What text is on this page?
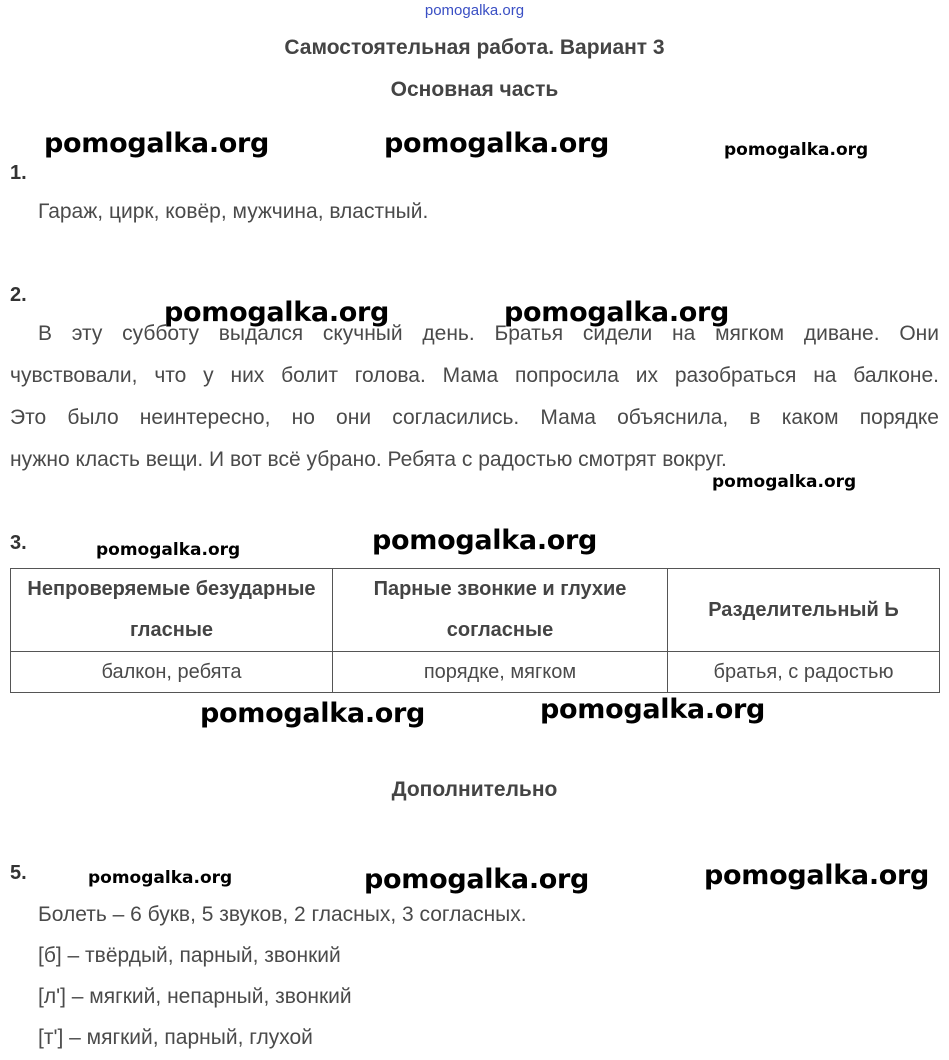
pomogalka.org
Самостоятельная работа. Вариант 3
Основная часть
pomogalka.org	pomogalka.org	pomogalka.org
1.
Гараж, цирк, ковёр, мужчина, властный.
2.
pomogalka.org	pomogalka.org
В эту субботу выдался скучный день. Братья сидели на мягком диване. Они
чувствовали, что у них болит голова. Мама попросила их разобраться на балконе.
Это было неинтересно, но они согласились. Мама объяснила, в каком порядке
нужно класть вещи. И вот всё убрано. Ребята с радостью смотрят вокруг.
pomogalka.org
3.	pomogalka.org	pomogalka.org
Непроверяемые безударные гласные	Парные звонкие и глухие согласные	Разделительный Ь
балкон, ребята	порядке, мягком	братья, с радостью
pomogalka.org	pomogalka.org
Дополнительно
5.	pomogalka.org	pomogalka.org	pomogalka.org
Болеть – 6 букв, 5 звуков, 2 гласных, 3 согласных.
[б] – твёрдый, парный, звонкий
[л'] – мягкий, непарный, звонкий
[т'] – мягкий, парный, глухой
